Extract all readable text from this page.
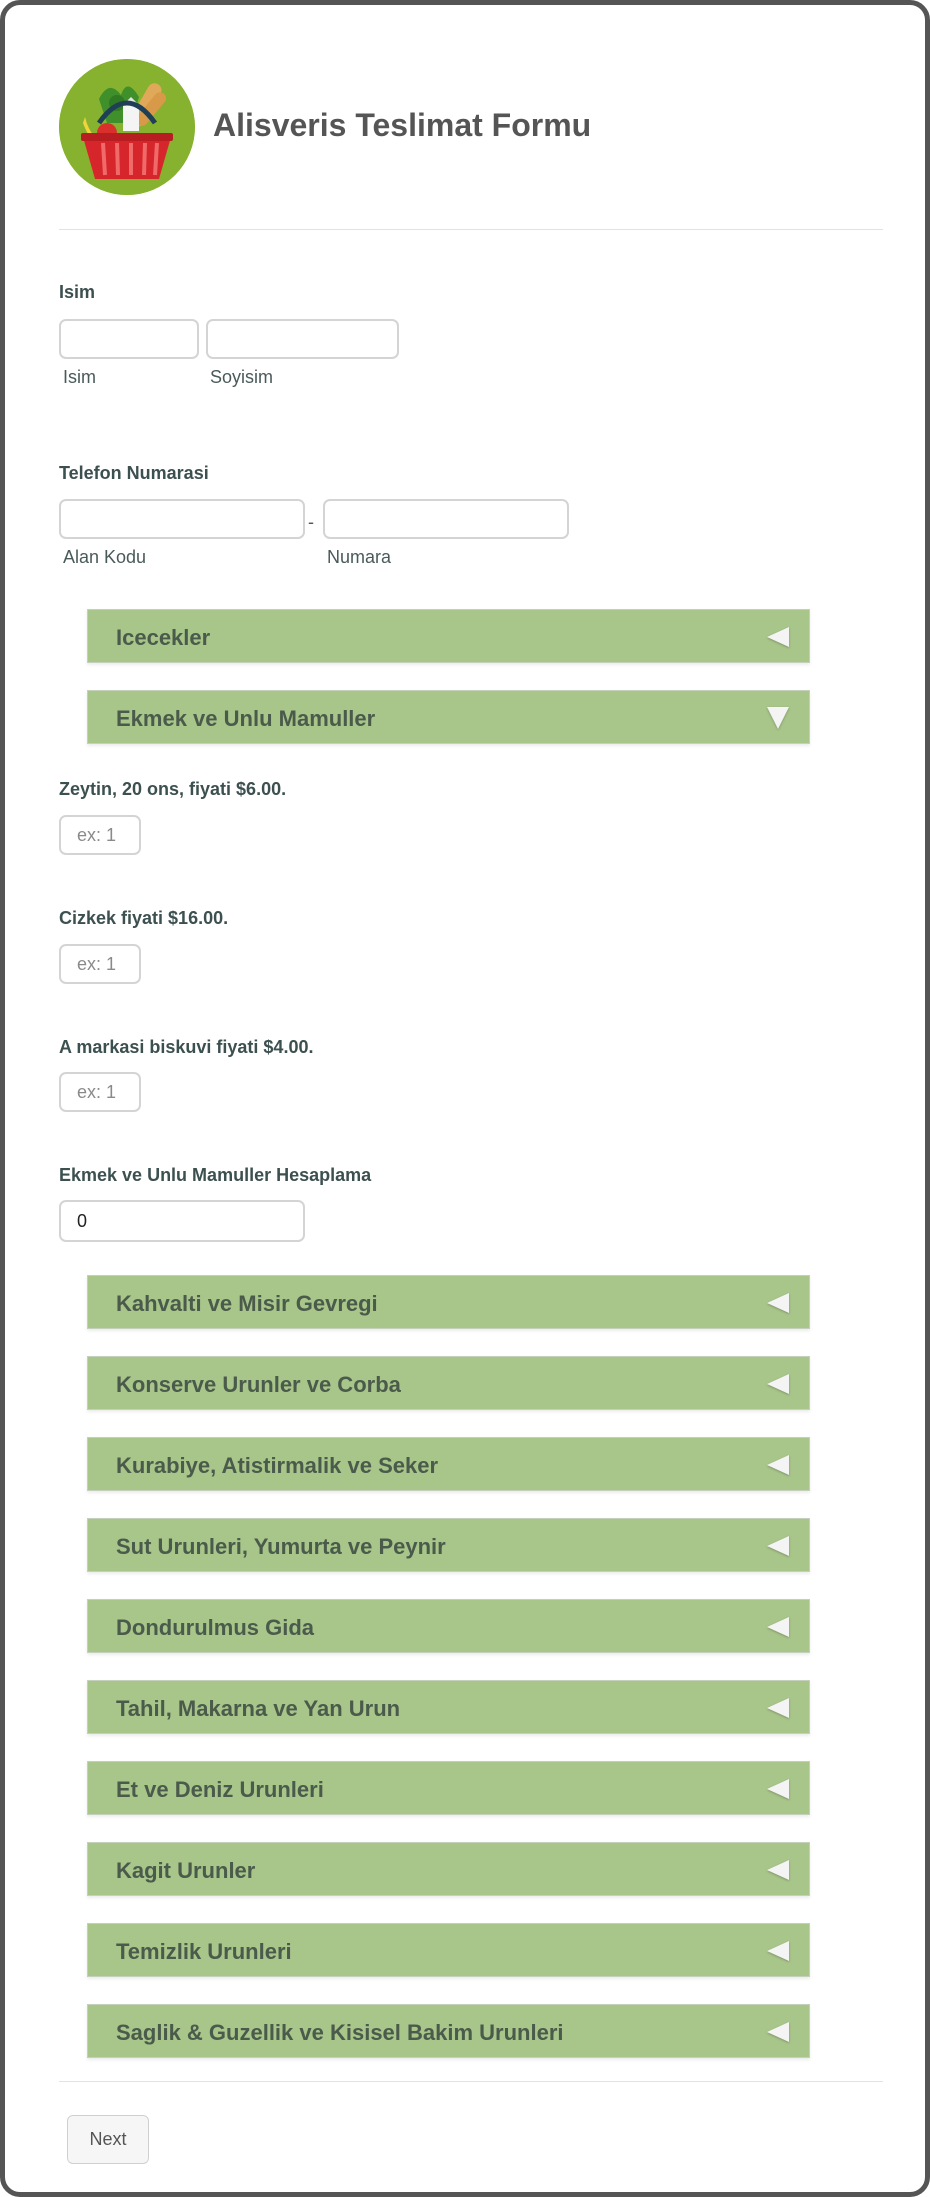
Alisveris Teslimat Formu
Isim
Isim	Soyisim
Telefon Numarasi
-
Alan Kodu	Numara
Icecekler
Ekmek ve Unlu Mamuller
Zeytin, 20 ons, fiyati $6.00.
ex: 1
Cizkek fiyati $16.00.
ex: 1
A markasi biskuvi fiyati $4.00.
ex: 1
Ekmek ve Unlu Mamuller Hesaplama
0
Kahvalti ve Misir Gevregi
Konserve Urunler ve Corba
Kurabiye, Atistirmalik ve Seker
Sut Urunleri, Yumurta ve Peynir
Dondurulmus Gida
Tahil, Makarna ve Yan Urun
Et ve Deniz Urunleri
Kagit Urunler
Temizlik Urunleri
Saglik & Guzellik ve Kisisel Bakim Urunleri
Next
